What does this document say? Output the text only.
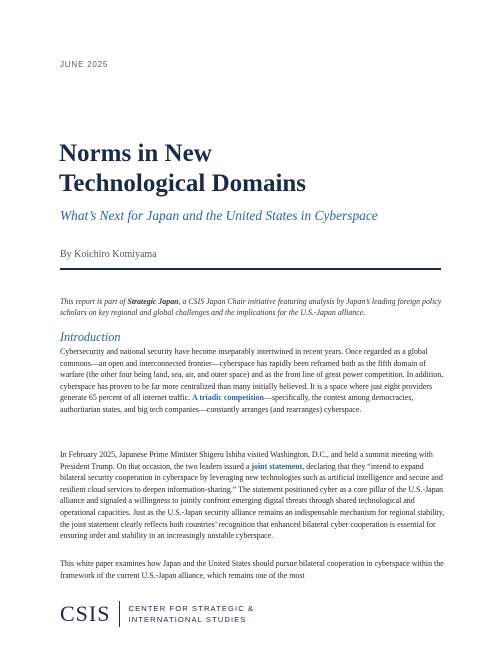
JUNE 2025
Norms in New
Technological Domains
What’s Next for Japan and the United States in Cyberspace
By Koichiro Komiyama
This report is part of Strategic Japan, a CSIS Japan Chair initiative featuring analysis by Japan’s leading foreign policy scholars on key regional and global challenges and the implications for the U.S.-Japan alliance.
Introduction
Cybersecurity and national security have become inseparably intertwined in recent years. Once regarded as a global commons—an open and interconnected frontier—cyberspace has rapidly been reframed both as the fifth domain of warfare (the other four being land, sea, air, and outer space) and as the front line of great power competition. In addition, cyberspace has proven to be far more centralized than many initially believed. It is a space where just eight providers generate 65 percent of all internet traffic. A triadic competition—specifically, the contest among democracies, authoritarian states, and big tech companies—constantly arranges (and rearranges) cyberspace.
In February 2025, Japanese Prime Minister Shigeru Ishiba visited Washington, D.C., and held a summit meeting with President Trump. On that occasion, the two leaders issued a joint statement, declaring that they “intend to expand bilateral security cooperation in cyberspace by leveraging new technologies such as artificial intelligence and secure and resilient cloud services to deepen information-sharing.” The statement positioned cyber as a core pillar of the U.S.-Japan alliance and signaled a willingness to jointly confront emerging digital threats through shared technological and operational capacities. Just as the U.S.-Japan security alliance remains an indispensable mechanism for regional stability, the joint statement clearly reflects both countries’ recognition that enhanced bilateral cyber cooperation is essential for ensuring order and stability in an increasingly unstable cyberspace.
This white paper examines how Japan and the United States should pursue bilateral cooperation in cyberspace within the framework of the current U.S.-Japan alliance, which remains one of the most
CSIS CENTER FOR STRATEGIC &
INTERNATIONAL STUDIES
